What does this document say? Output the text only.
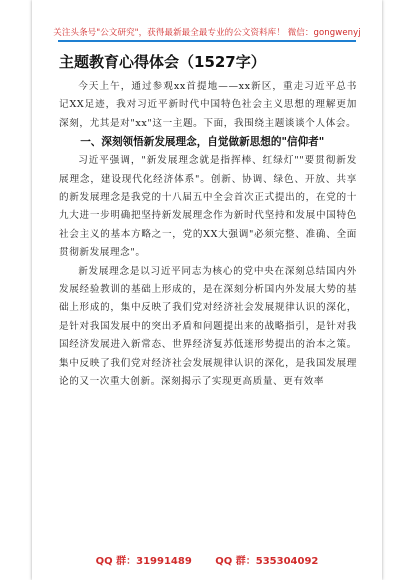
关注头条号"公文研究"，获得最新最全最专业的公文资料库！ 微信：gongwenyj
主题教育心得体会（1527字）

今天上午，通过参观xx首提地——xx新区，重走习近平总书记XX足迹，我对习近平新时代中国特色社会主义思想的理解更加深刻，尤其是对"xx"这一主题。下面，我围绕主题谈谈个人体会。

一、深刻领悟新发展理念，自觉做新思想的"信仰者"

习近平强调，"新发展理念就是指挥棒、红绿灯""要贯彻新发展理念，建设现代化经济体系"。创新、协调、绿色、开放、共享的新发展理念是我党的十八届五中全会首次正式提出的，在党的十九大进一步明确把坚持新发展理念作为新时代坚持和发展中国特色社会主义的基本方略之一，党的XX大强调"必须完整、准确、全面贯彻新发展理念"。

新发展理念是以习近平同志为核心的党中央在深刻总结国内外发展经验教训的基础上形成的，是在深刻分析国内外发展大势的基础上形成的，集中反映了我们党对经济社会发展规律认识的深化，是针对我国发展中的突出矛盾和问题提出来的战略指引，是针对我国经济发展进入新常态、世界经济复苏低迷形势提出的治本之策。集中反映了我们党对经济社会发展规律认识的深化，是我国发展理论的又一次重大创新。深刻揭示了实现更高质量、更有效率

QQ 群：31991489 QQ 群：535304092
